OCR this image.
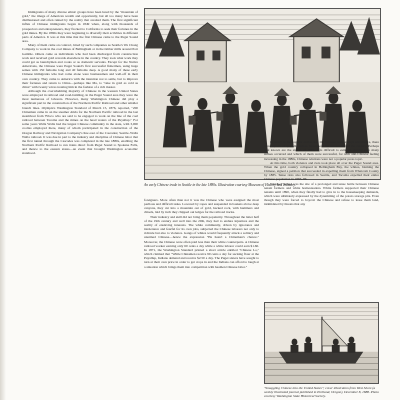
Immigrants of many diverse ethnic groups have been lured by the "mountain of gold," the image of American wealth and opportunity, but all too many have been disillusioned and often ruined by the reality that awaited them. The first significant influx of Chinese immigrants began in 1849 when, along with thousands of prospectors and entrepreneurs, they flocked to California to seek their fortunes in the gold mines. By the 1860s they were beginning to diversify their activities in different parts of America. It was at this time that the first Chinese came to the Puget Sound area.

Many of them came on contract, hired by such companies as Seattle's Wa Chong Company to work in the coal mines of Bellingham or in the timber mills around Port Gamble. Others came as individuals who had been discharged from construction work and received gold rewards elsewhere in the country. They took what work they could get as laundrymen and cooks or as domestic servants. Except for the Native Americans, the Chinese were Puget Sound's first successful fishermen, using huge seines with 150 fathoms long and 40 fathoms deep. A good many of these early Chinese immigrants who had come alone were businessmen and well-off in their own country. They came to America with the intention not to settle, but to improve their fortunes and return to China—perhaps like Ma, to "rake in gold as cold as china" with twenty wives treating him in the fashion of a rich master.

Although the overwhelming majority of Chinese in the western United States were employed in railroad and road-building, in the Puget Sound area they were the most numerous of laborers. However, many Washington Chinese did play a significant part in the construction of the Northern Pacific Railroad and other smaller branch lines. Olympia's Washington Standard of March 15, 1876, reported, "200 Chinamen came in on the steamer Alida for the Northern Pacific railroad in the last steamboat from 'Frisco who are said to be engaged to work on the line of the coal railroad between Tacoma and the mines on the head waters of the Puyallup." For some years Walla Walla had the largest Chinese community in the state, with 3,000 coolies employed there, many of whom participated in the construction of the Oregon Railway and Navigation Company's line east of the Cascades; Seattle–Walla Walla railroad. It was due in part to the industry and discipline of Chinese labor that the first tunnel through the Cascades was completed in the late 1880s, enabling the Northern Pacific Railroad to run trains direct from Puget Sound to Spokane Falls, and thence to the eastern states—an event that brought Washington economic statehood.

An early Chinese trade in Seattle in the late 1880s. Illustration courtesy Museum of History and Industry.

foreigners. More often than not it was the Chinese who were assigned the most perilous and difficult tasks. Lowered by ropes and suspended in baskets above deep canyons, they cut into a mountain out of gold, hacked rock, with hammers and chisels, laid by inch they chipped out ledges for the railroad tracks.

Their industry and skill did not bring them popularity. Throughout the latter half of the 19th century and well into the 20th, they had to endure injustices and the reality of enslaving interests. The white community, driven by ignorance and intolerance and fearful for its own jobs, subjected the Chinese laborers not only to ridicule but also to violence. Gangs of whites would frequently attack a solitary and unarmed Chinese—hence the expression "He hasn't a Chinaman's chance." Moreover, the Chinese were often paid less than their white counterparts. A Chinese railroad worker earning only 60 cents a day while a white laborer could earn $1.60. In 1871, the Washington Standard printed a short article entitled "Chinese Lo," which claimed that "While Chinamen receive 90 cents a day for sacking flour at the Puyallup, Indians demand and receive $2.50 a day. The Puget sisters have sought to turn at their own price in order to get crops in and the Indians can afford to laugh at a situation which brings them into competition with heathen Chinese labor."

Contrary to the popular notion that the Chinese were always submissive, there were reports of sporadic strikes throughout the second half of the century. Perhaps best known are the strikes of 1867. It is difficult to estimate exactly how many strikes occurred and which of them were successful, for with anti-Chinese feeling increasing in the 1880s, Chinese relations were not a popular press topic.

At this time, both violence and riots took place all over the Puget Sound area. When the gold country collapsed in Bellingham Bay, the whites, blaming the Chinese, signed a petition that succeeded in expelling them from Whatcom County by 1885. Tense riots also followed in Seattle, and Tacoma expelled their entire Chinese population in 1885–86.

Whidbey Island was the site of a prolonged and tense battle between Chinese tenant farmers and white homesteaders. White farmers supported their Chinese tenants until 1890, when they finally had to give in to the housekeeping demands, which were ultimately expressed by the dynamiting of the potato storage pits. Even though they were forced to boycott the Chinese and refuse to lease them land, intimidated by threats that any

"Smuggling Chinese into the United States"; cover illustration from West Shore (a weekly illustrated journal published in Portland, Oregon), December 8, 1888. Photo courtesy Washington State Historical Society.
